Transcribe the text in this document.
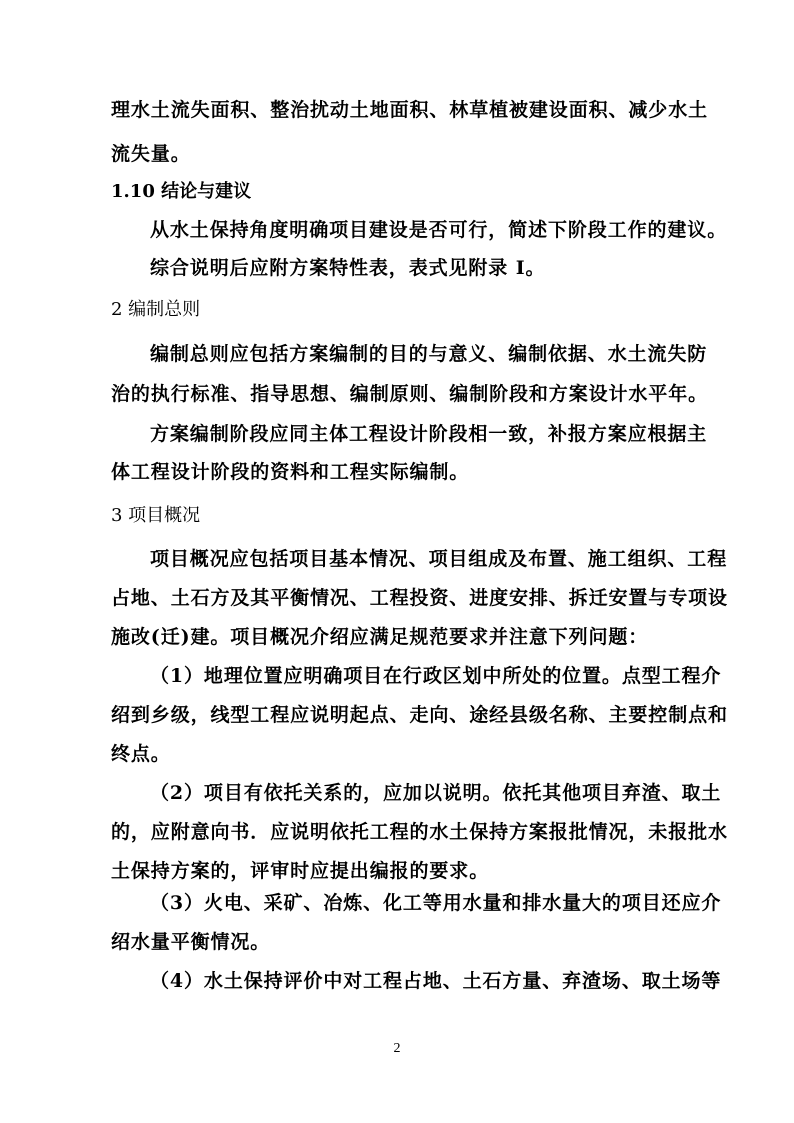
理水土流失面积、整治扰动土地面积、林草植被建设面积、减少水土
流失量。
1.10 结论与建议
从水土保持角度明确项目建设是否可行，简述下阶段工作的建议。
综合说明后应附方案特性表，表式见附录 I。
2 编制总则
编制总则应包括方案编制的目的与意义、编制依据、水土流失防
治的执行标准、指导思想、编制原则、编制阶段和方案设计水平年。
方案编制阶段应同主体工程设计阶段相一致，补报方案应根据主
体工程设计阶段的资料和工程实际编制。
3 项目概况
项目概况应包括项目基本情况、项目组成及布置、施工组织、工程
占地、土石方及其平衡情况、工程投资、进度安排、拆迁安置与专项设
施改(迁)建。项目概况介绍应满足规范要求并注意下列问题：
（1）地理位置应明确项目在行政区划中所处的位置。点型工程介
绍到乡级，线型工程应说明起点、走向、途经县级名称、主要控制点和
终点。
（2）项目有依托关系的，应加以说明。依托其他项目弃渣、取土
的，应附意向书．应说明依托工程的水土保持方案报批情况，未报批水
土保持方案的，评审时应提出编报的要求。
（3）火电、采矿、冶炼、化工等用水量和排水量大的项目还应介
绍水量平衡情况。
（4）水土保持评价中对工程占地、土石方量、弃渣场、取土场等
2
